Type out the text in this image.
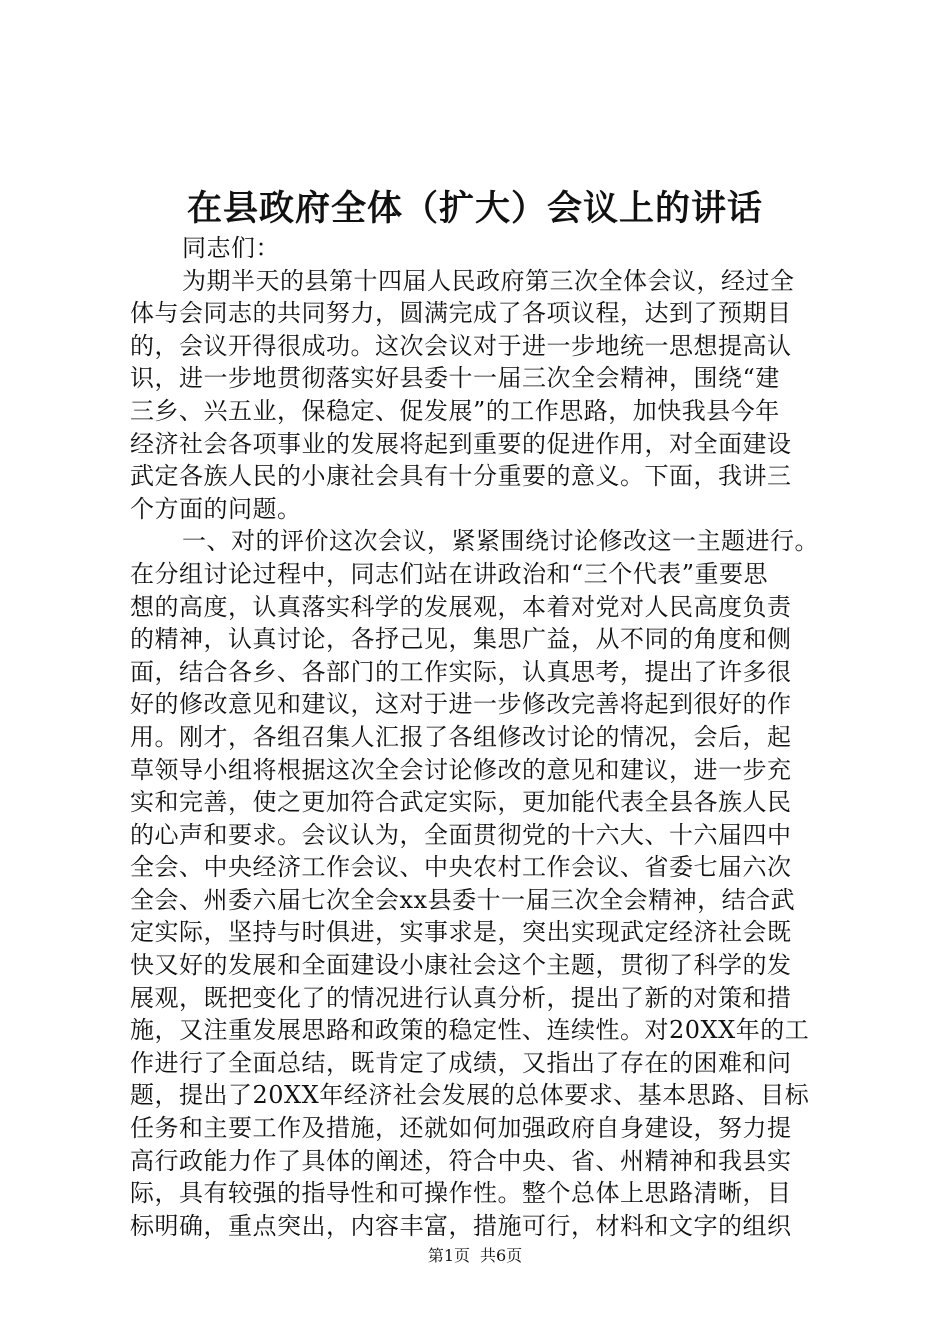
在县政府全体（扩大）会议上的讲话
同志们：
为期半天的县第十四届人民政府第三次全体会议，经过全
体与会同志的共同努力，圆满完成了各项议程，达到了预期目
的，会议开得很成功。这次会议对于进一步地统一思想提高认
识，进一步地贯彻落实好县委十一届三次全会精神，围绕“建
三乡、兴五业，保稳定、促发展”的工作思路，加快我县今年
经济社会各项事业的发展将起到重要的促进作用，对全面建设
武定各族人民的小康社会具有十分重要的意义。下面，我讲三
个方面的问题。
一、对的评价这次会议，紧紧围绕讨论修改这一主题进行。
在分组讨论过程中，同志们站在讲政治和“三个代表”重要思
想的高度，认真落实科学的发展观，本着对党对人民高度负责
的精神，认真讨论，各抒己见，集思广益，从不同的角度和侧
面，结合各乡、各部门的工作实际，认真思考，提出了许多很
好的修改意见和建议，这对于进一步修改完善将起到很好的作
用。刚才，各组召集人汇报了各组修改讨论的情况，会后，起
草领导小组将根据这次全会讨论修改的意见和建议，进一步充
实和完善，使之更加符合武定实际，更加能代表全县各族人民
的心声和要求。会议认为，全面贯彻党的十六大、十六届四中
全会、中央经济工作会议、中央农村工作会议、省委七届六次
全会、州委六届七次全会xx县委十一届三次全会精神，结合武
定实际，坚持与时俱进，实事求是，突出实现武定经济社会既
快又好的发展和全面建设小康社会这个主题，贯彻了科学的发
展观，既把变化了的情况进行认真分析，提出了新的对策和措
施，又注重发展思路和政策的稳定性、连续性。对20XX年的工
作进行了全面总结，既肯定了成绩，又指出了存在的困难和问
题，提出了20XX年经济社会发展的总体要求、基本思路、目标
任务和主要工作及措施，还就如何加强政府自身建设，努力提
高行政能力作了具体的阐述，符合中央、省、州精神和我县实
际，具有较强的指导性和可操作性。整个总体上思路清晰，目
标明确，重点突出，内容丰富，措施可行，材料和文字的组织
第1页 共6页
